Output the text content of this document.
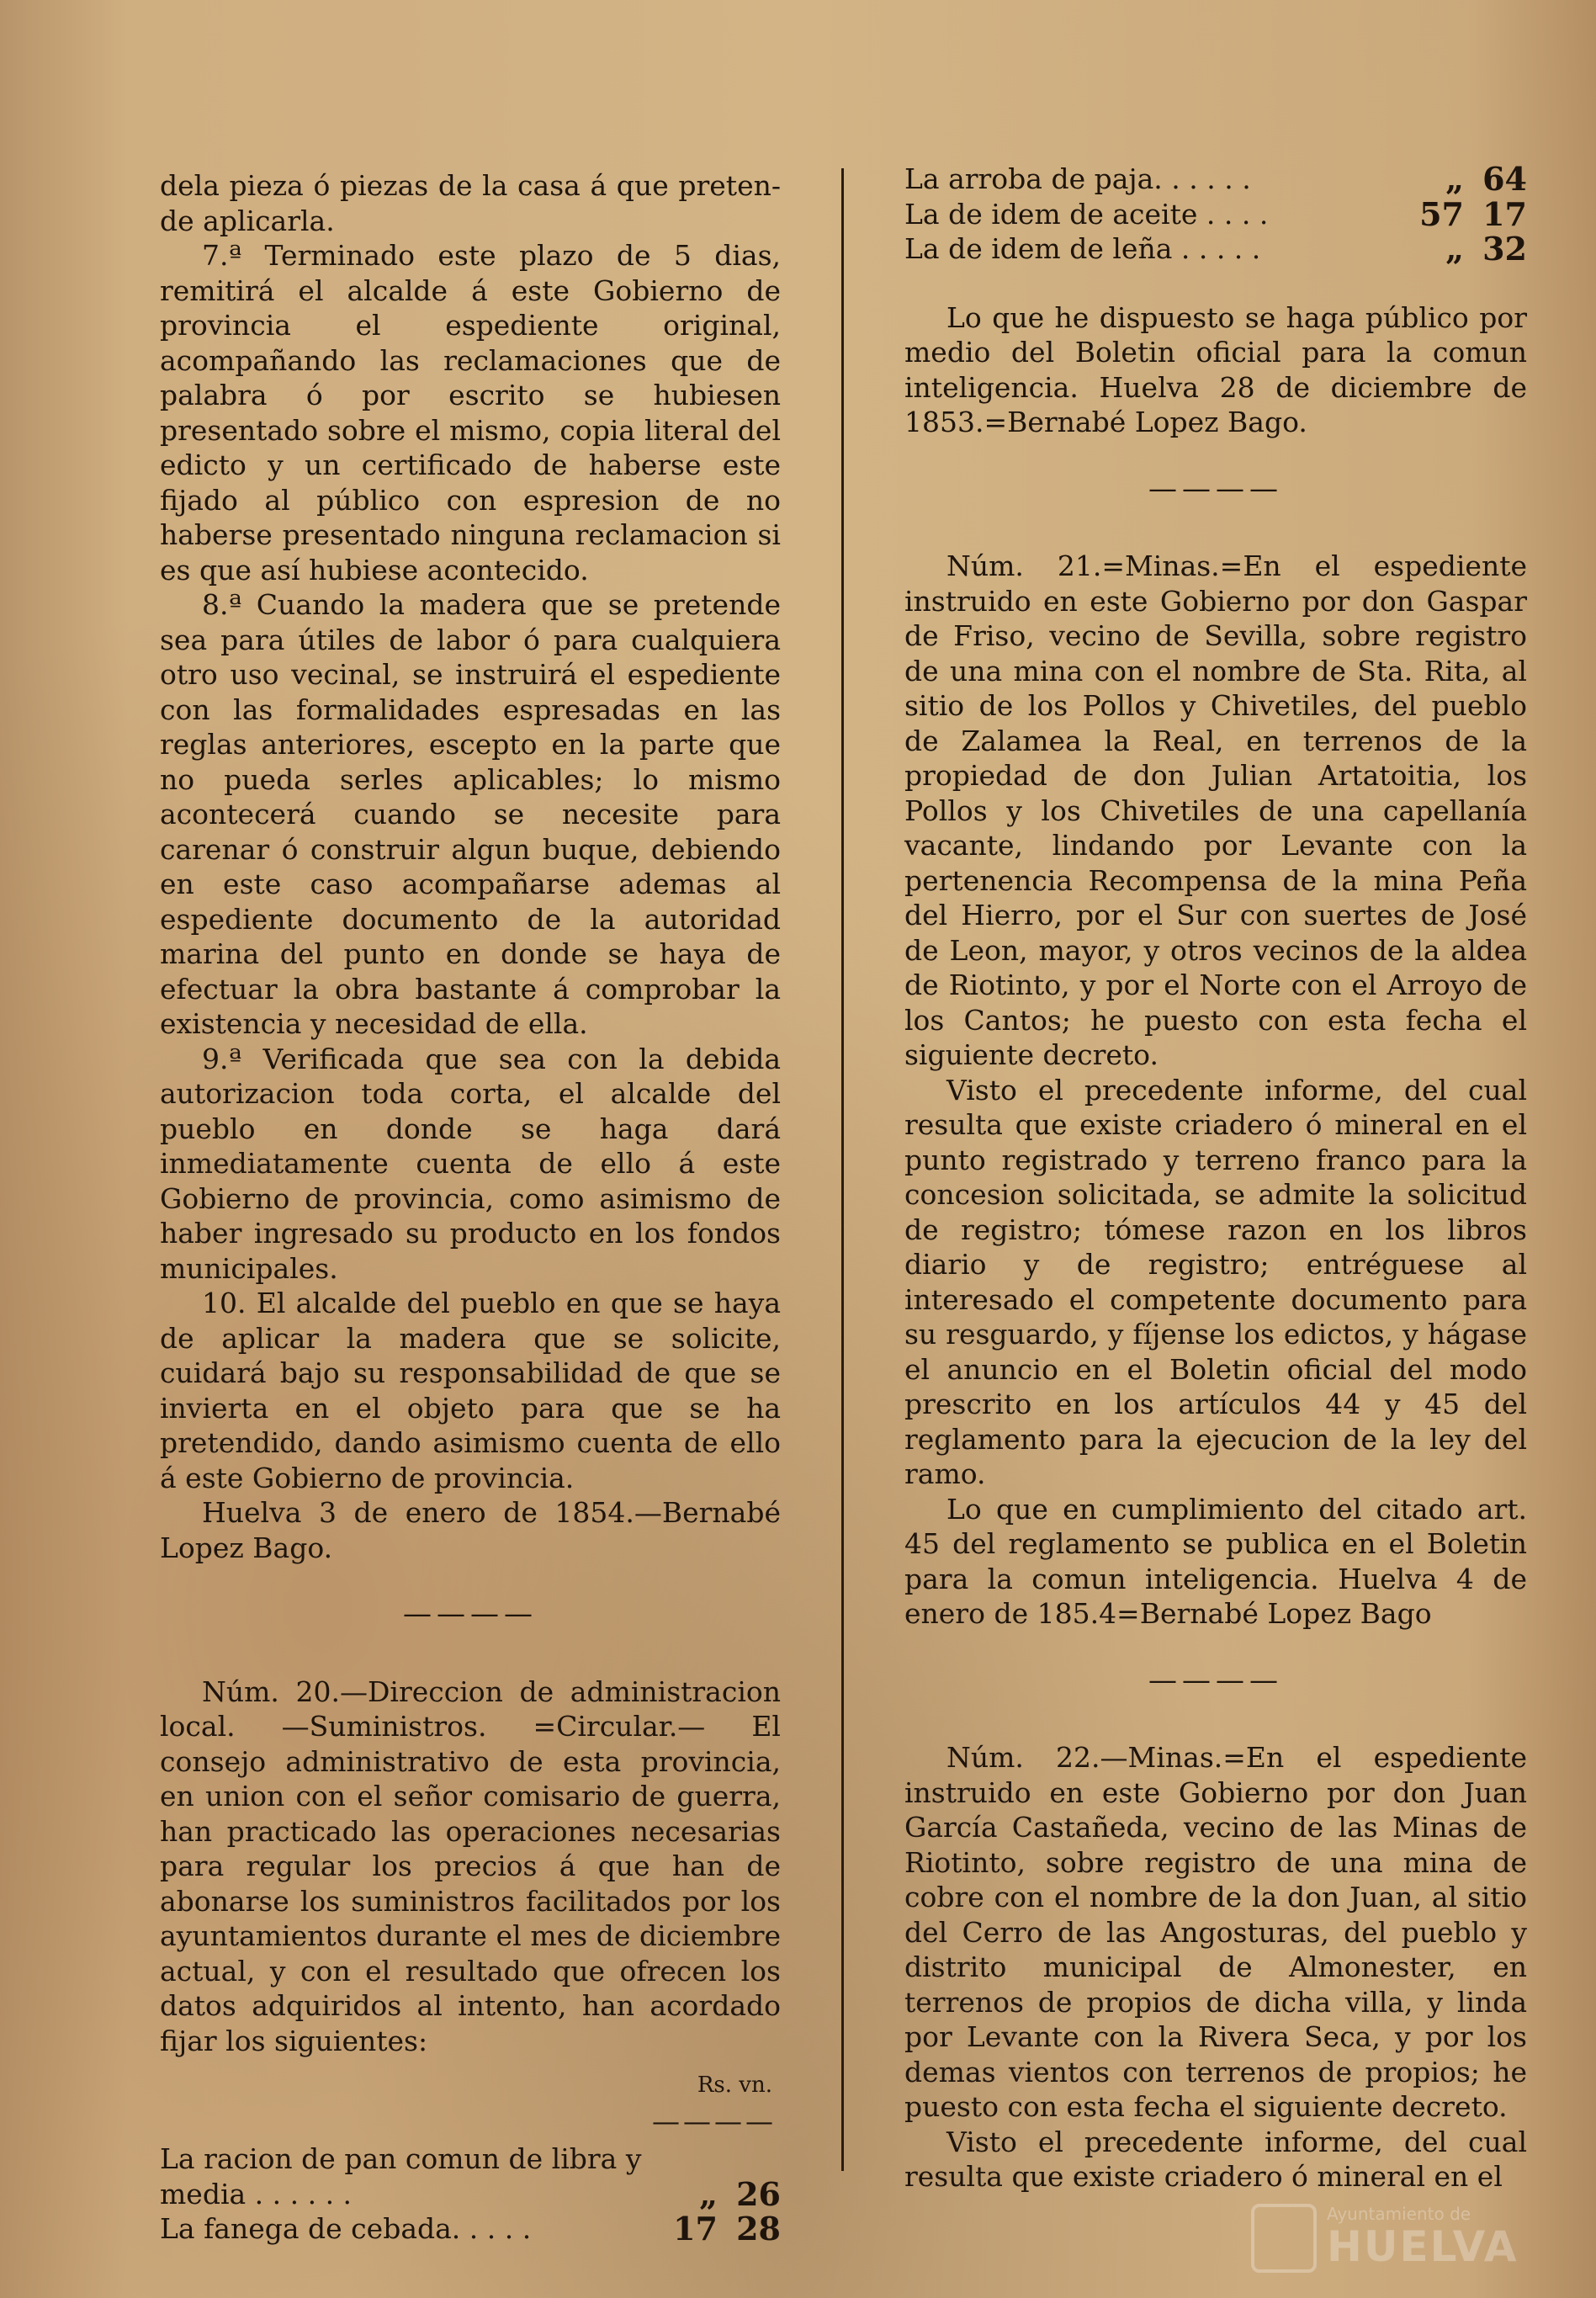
dela pieza ó piezas de la casa á que preten-de aplicarla.

7.ª Terminado este plazo de 5 dias, remitirá el alcalde á este Gobierno de provincia el espediente original, acompañando las reclamaciones que de palabra ó por escrito se hubiesen presentado sobre el mismo, copia literal del edicto y un certificado de haberse este fijado al público con espresion de no haberse presentado ninguna reclamacion si es que así hubiese acontecido.

8.ª Cuando la madera que se pretende sea para útiles de labor ó para cualquiera otro uso vecinal, se instruirá el espediente con las formalidades espresadas en las reglas anteriores, escepto en la parte que no pueda serles aplicables; lo mismo acontecerá cuando se necesite para carenar ó construir algun buque, debiendo en este caso acompañarse ademas al espediente documento de la autoridad marina del punto en donde se haya de efectuar la obra bastante á comprobar la existencia y necesidad de ella.

9.ª Verificada que sea con la debida autorizacion toda corta, el alcalde del pueblo en donde se haga dará inmediatamente cuenta de ello á este Gobierno de provincia, como asimismo de haber ingresado su producto en los fondos municipales.

10. El alcalde del pueblo en que se haya de aplicar la madera que se solicite, cuidará bajo su responsabilidad de que se invierta en el objeto para que se ha pretendido, dando asimismo cuenta de ello á este Gobierno de provincia.

Huelva 3 de enero de 1854.—Bernabé Lopez Bago.

————

Núm. 20.—Direccion de administracion local. —Suministros. =Circular.— El consejo administrativo de esta provincia, en union con el señor comisario de guerra, han practicado las operaciones necesarias para regular los precios á que han de abonarse los suministros facilitados por los ayuntamientos durante el mes de diciembre actual, y con el resultado que ofrecen los datos adquiridos al intento, han acordado fijar los siguientes:

Rs. vn.
————
La racion de pan comun de libra y media . . . . . .	„	26
La fanega de cebada. . . . .	17	28
La arroba de paja. . . . . .	„	64
La de idem de aceite . . . .	57	17
La de idem de leña . . . . .	„	32

Lo que he dispuesto se haga público por medio del Boletin oficial para la comun inteligencia. Huelva 28 de diciembre de 1853.=Bernabé Lopez Bago.

————

Núm. 21.=Minas.=En el espediente instruido en este Gobierno por don Gaspar de Friso, vecino de Sevilla, sobre registro de una mina con el nombre de Sta. Rita, al sitio de los Pollos y Chivetiles, del pueblo de Zalamea la Real, en terrenos de la propiedad de don Julian Artatoitia, los Pollos y los Chivetiles de una capellanía vacante, lindando por Levante con la pertenencia Recompensa de la mina Peña del Hierro, por el Sur con suertes de José de Leon, mayor, y otros vecinos de la aldea de Riotinto, y por el Norte con el Arroyo de los Cantos; he puesto con esta fecha el siguiente decreto.

Visto el precedente informe, del cual resulta que existe criadero ó mineral en el punto registrado y terreno franco para la concesion solicitada, se admite la solicitud de registro; tómese razon en los libros diario y de registro; entréguese al interesado el competente documento para su resguardo, y fíjense los edictos, y hágase el anuncio en el Boletin oficial del modo prescrito en los artículos 44 y 45 del reglamento para la ejecucion de la ley del ramo.

Lo que en cumplimiento del citado art. 45 del reglamento se publica en el Boletin para la comun inteligencia. Huelva 4 de enero de 185.4=Bernabé Lopez Bago

————

Núm. 22.—Minas.=En el espediente instruido en este Gobierno por don Juan García Castañeda, vecino de las Minas de Riotinto, sobre registro de una mina de cobre con el nombre de la don Juan, al sitio del Cerro de las Angosturas, del pueblo y distrito municipal de Almonester, en terrenos de propios de dicha villa, y linda por Levante con la Rivera Seca, y por los demas vientos con terrenos de propios; he puesto con esta fecha el siguiente decreto.

Visto el precedente informe, del cual resulta que existe criadero ó mineral en el

Ayuntamiento de
HUELVA
